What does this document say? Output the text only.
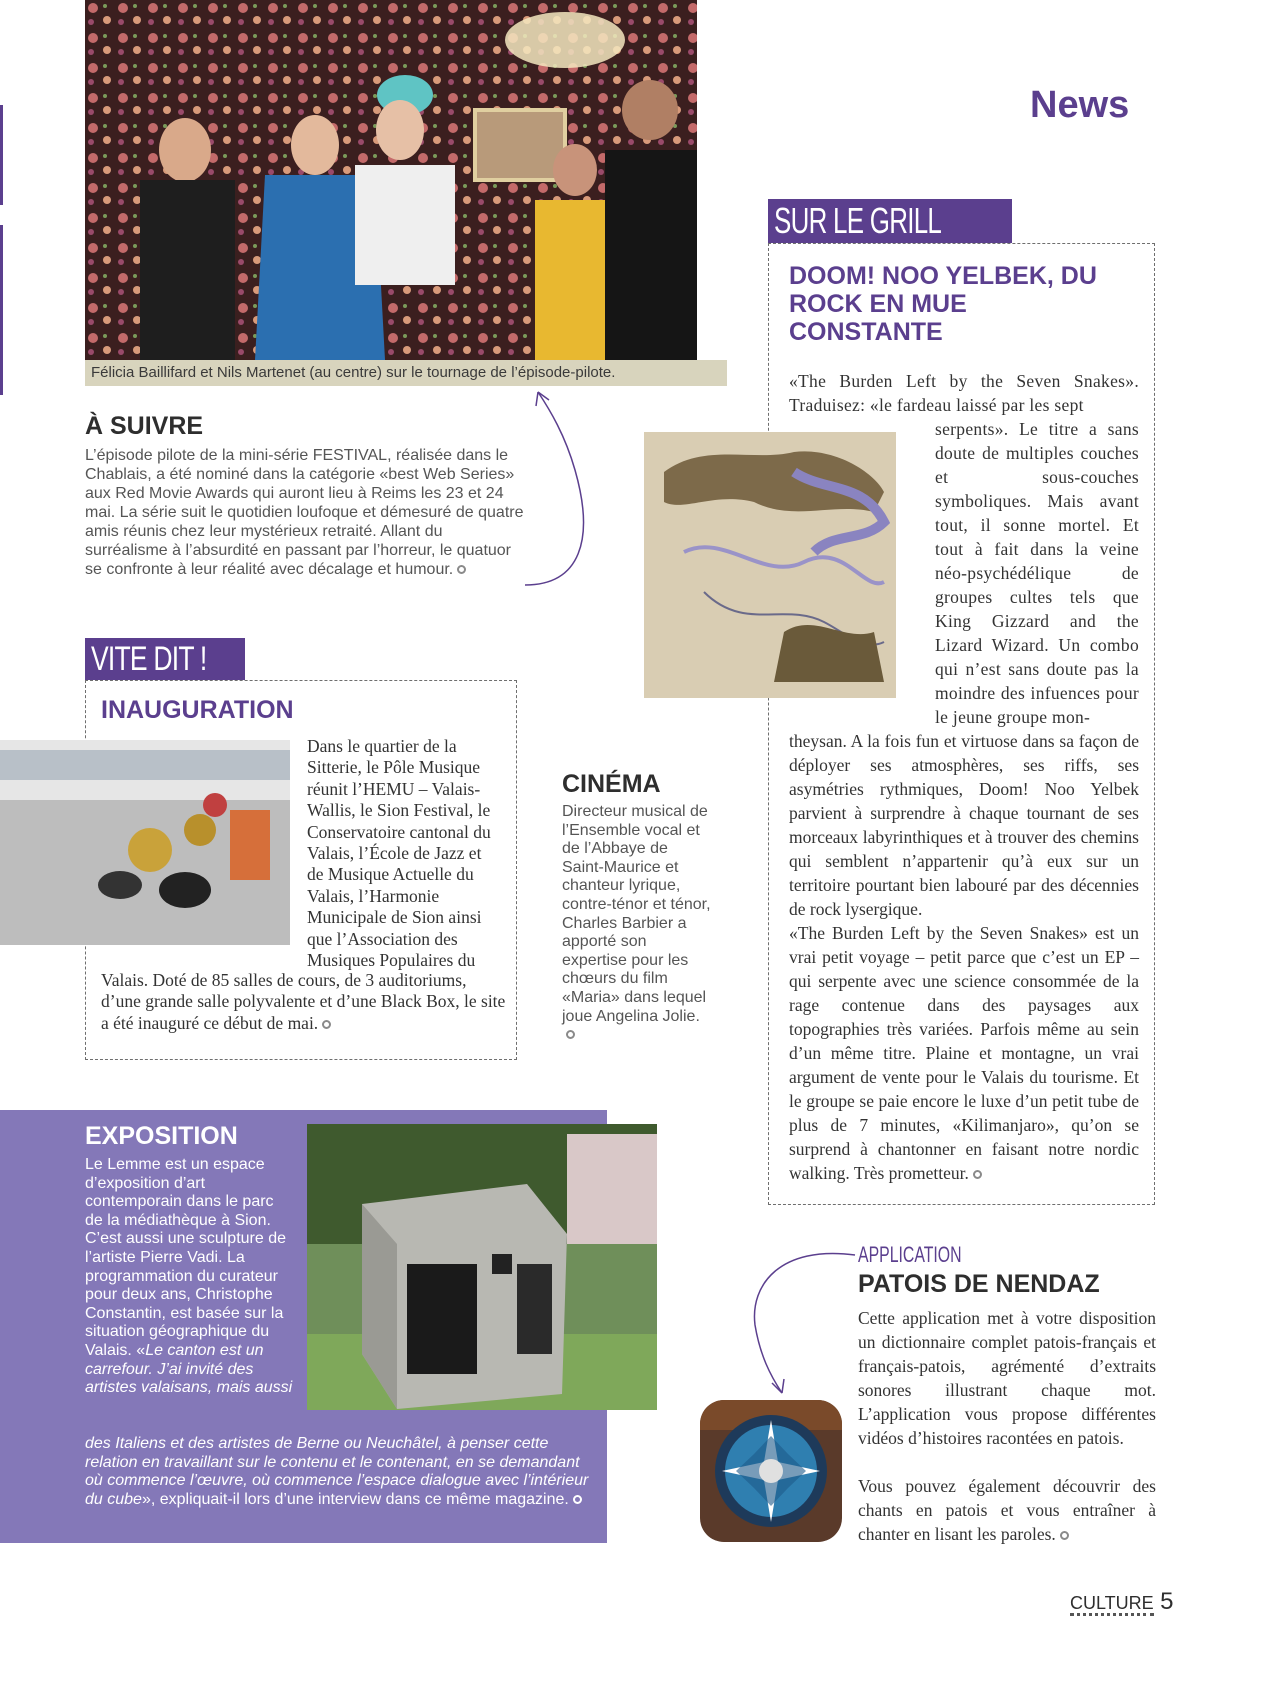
News
Félicia Baillifard et Nils Martenet (au centre) sur le tournage de l’épisode-pilote.
À SUIVRE
L’épisode pilote de la mini-série FESTIVAL, réalisée dans le Chablais, a été nominé dans la catégorie «best Web Series» aux Red Movie Awards qui auront lieu à Reims les 23 et 24 mai. La série suit le quotidien loufoque et démesuré de quatre amis réunis chez leur mystérieux retraité. Allant du surréalisme à l’absurdité en passant par l’horreur, le quatuor se confronte à leur réalité avec décalage et humour.
VITE DIT !
INAUGURATION
Dans le quartier de la Sitterie, le Pôle Musique réunit l’HEMU – Valais-Wallis, le Sion Festival, le Conservatoire cantonal du Valais, l’École de Jazz et de Musique Actuelle du Valais, l’Harmonie Municipale de Sion ainsi que l’Association des Musiques Populaires du
Valais. Doté de 85 salles de cours, de 3 auditoriums, d’une grande salle polyvalente et d’une Black Box, le site a été inauguré ce début de mai.
CINÉMA
Directeur musical de l’Ensemble vocal et de l’Abbaye de Saint-Maurice et chanteur lyrique, contre-ténor et ténor, Charles Barbier a apporté son expertise pour les chœurs du film «Maria» dans lequel joue Angelina Jolie.
SUR LE GRILL
DOOM! NOO YELBEK, DU ROCK EN MUE CONSTANTE
«The Burden Left by the Seven Snakes». Traduisez: «le fardeau laissé par les sept
serpents». Le titre a sans doute de multiples couches et sous-couches symboliques. Mais avant tout, il sonne mortel. Et tout à fait dans la veine néo-psychédélique de groupes cultes tels que King Gizzard and the Lizard Wizard. Un combo qui n’est sans doute pas la moindre des infuences pour le jeune groupe mon-
theysan. A la fois fun et virtuose dans sa façon de déployer ses atmosphères, ses riffs, ses asymétries rythmiques, Doom! Noo Yelbek parvient à surprendre à chaque tournant de ses morceaux labyrinthiques et à trouver des chemins qui semblent n’appartenir qu’à eux sur un territoire pourtant bien labouré par des décennies de rock lysergique.
«The Burden Left by the Seven Snakes» est un vrai petit voyage – petit parce que c’est un EP – qui serpente avec une science consommée de la rage contenue dans des paysages aux topographies très variées. Parfois même au sein d’un même titre. Plaine et montagne, un vrai argument de vente pour le Valais du tourisme. Et le groupe se paie encore le luxe d’un petit tube de plus de 7 minutes, «Kilimanjaro», qu’on se surprend à chantonner en faisant notre nordic walking. Très prometteur.
EXPOSITION
Le Lemme est un espace d’exposition d’art contemporain dans le parc de la médiathèque à Sion. C’est aussi une sculpture de l’artiste Pierre Vadi. La programmation du curateur pour deux ans, Christophe Constantin, est basée sur la situation géographique du Valais. «Le canton est un carrefour. J’ai invité des artistes valaisans, mais aussi
des Italiens et des artistes de Berne ou Neuchâtel, à penser cette relation en travaillant sur le contenu et le contenant, en se demandant où commence l’œuvre, où commence l’espace dialogue avec l’intérieur du cube», expliquait-il lors d’une interview dans ce même magazine.
APPLICATION
PATOIS DE NENDAZ
Cette application met à votre disposition un dictionnaire complet patois-français et français-patois, agrémenté d’extraits sonores illustrant chaque mot. L’application vous propose différentes vidéos d’histoires racontées en patois.
Vous pouvez également découvrir des chants en patois et vous entraîner à chanter en lisant les paroles.
CULTURE 5
